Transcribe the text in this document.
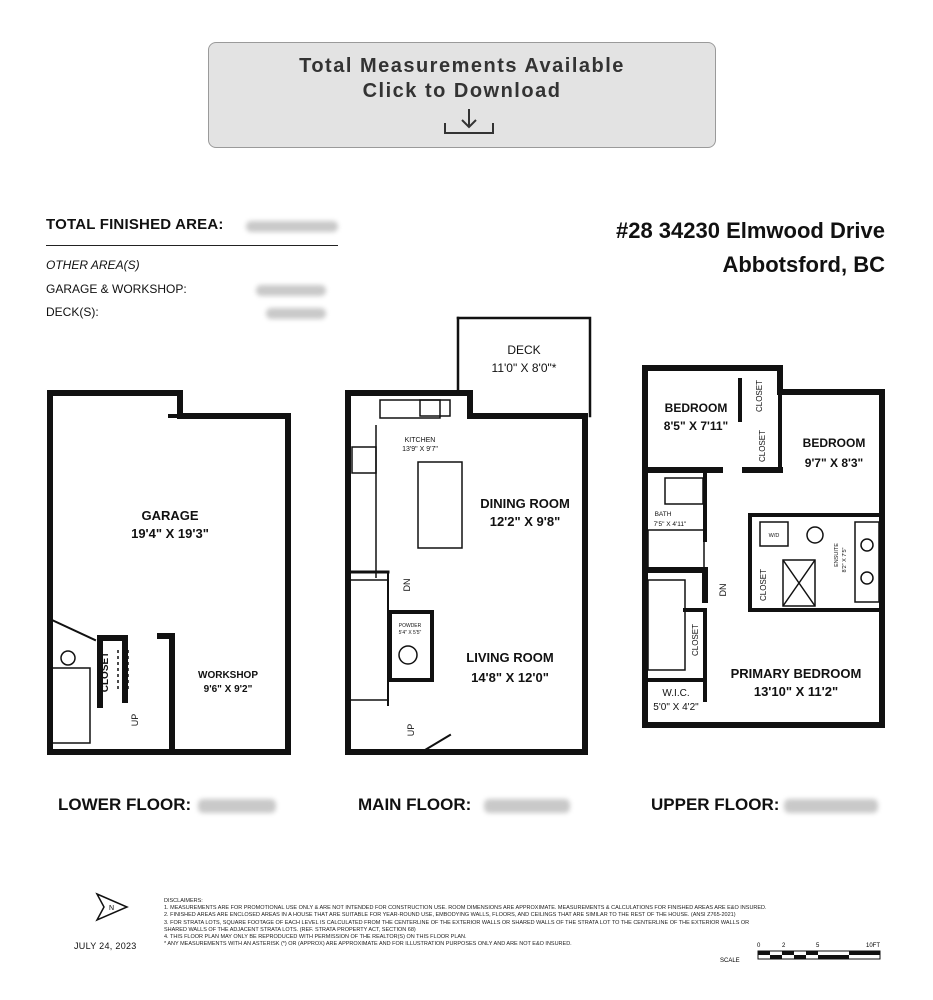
Total Measurements Available
Click to Download
TOTAL FINISHED AREA:
OTHER AREA(S)
GARAGE & WORKSHOP:
DECK(S):
#28 34230 Elmwood Drive
Abbotsford, BC
GARAGE
19'4" X 19'3"
WORKSHOP
9'6" X 9'2"
CLOSET
UP
DECK
11'0" X 8'0"*
KITCHEN
13'9" X 9'7"
DINING ROOM
12'2" X 9'8"
POWDER
5'4" X 5'5"
LIVING ROOM
14'8" X 12'0"
DN
UP
BEDROOM
8'5" X 7'11"
BEDROOM
9'7" X 8'3"
CLOSET
CLOSET
BATH
7'5" X 4'11"
W/D
ENSUITE 8'2" X 7'5"
CLOSET
DN
CLOSET
PRIMARY BEDROOM
13'10" X 11'2"
W.I.C.
5'0" X 4'2"
LOWER FLOOR:	MAIN FLOOR:	UPPER FLOOR:
N
JULY 24, 2023

DISCLAIMERS:

1. MEASUREMENTS ARE FOR PROMOTIONAL USE ONLY & ARE NOT INTENDED FOR CONSTRUCTION USE. ROOM DIMENSIONS ARE APPROXIMATE. MEASUREMENTS & CALCULATIONS FOR FINISHED AREAS ARE E&O INSURED.

2. FINISHED AREAS ARE ENCLOSED AREAS IN A HOUSE THAT ARE SUITABLE FOR YEAR-ROUND USE, EMBODYING WALLS, FLOORS, AND CEILINGS THAT ARE SIMILAR TO THE REST OF THE HOUSE. (ANSI Z765-2021)

3. FOR STRATA LOTS, SQUARE FOOTAGE OF EACH LEVEL IS CALCULATED FROM THE CENTERLINE OF THE EXTERIOR WALLS OR SHARED WALLS OF THE STRATA LOT TO THE CENTERLINE OF THE EXTERIOR WALLS OR

SHARED WALLS OF THE ADJACENT STRATA LOTS. (REF. STRATA PROPERTY ACT, SECTION 68)

4. THIS FLOOR PLAN MAY ONLY BE REPRODUCED WITH PERMISSION OF THE REALTOR(S) ON THIS FLOOR PLAN.

* ANY MEASUREMENTS WITH AN ASTERISK (*) OR (APPROX) ARE APPROXIMATE AND FOR ILLUSTRATION PURPOSES ONLY AND ARE NOT E&O INSURED.

SCALE
0	2	5	10FT
